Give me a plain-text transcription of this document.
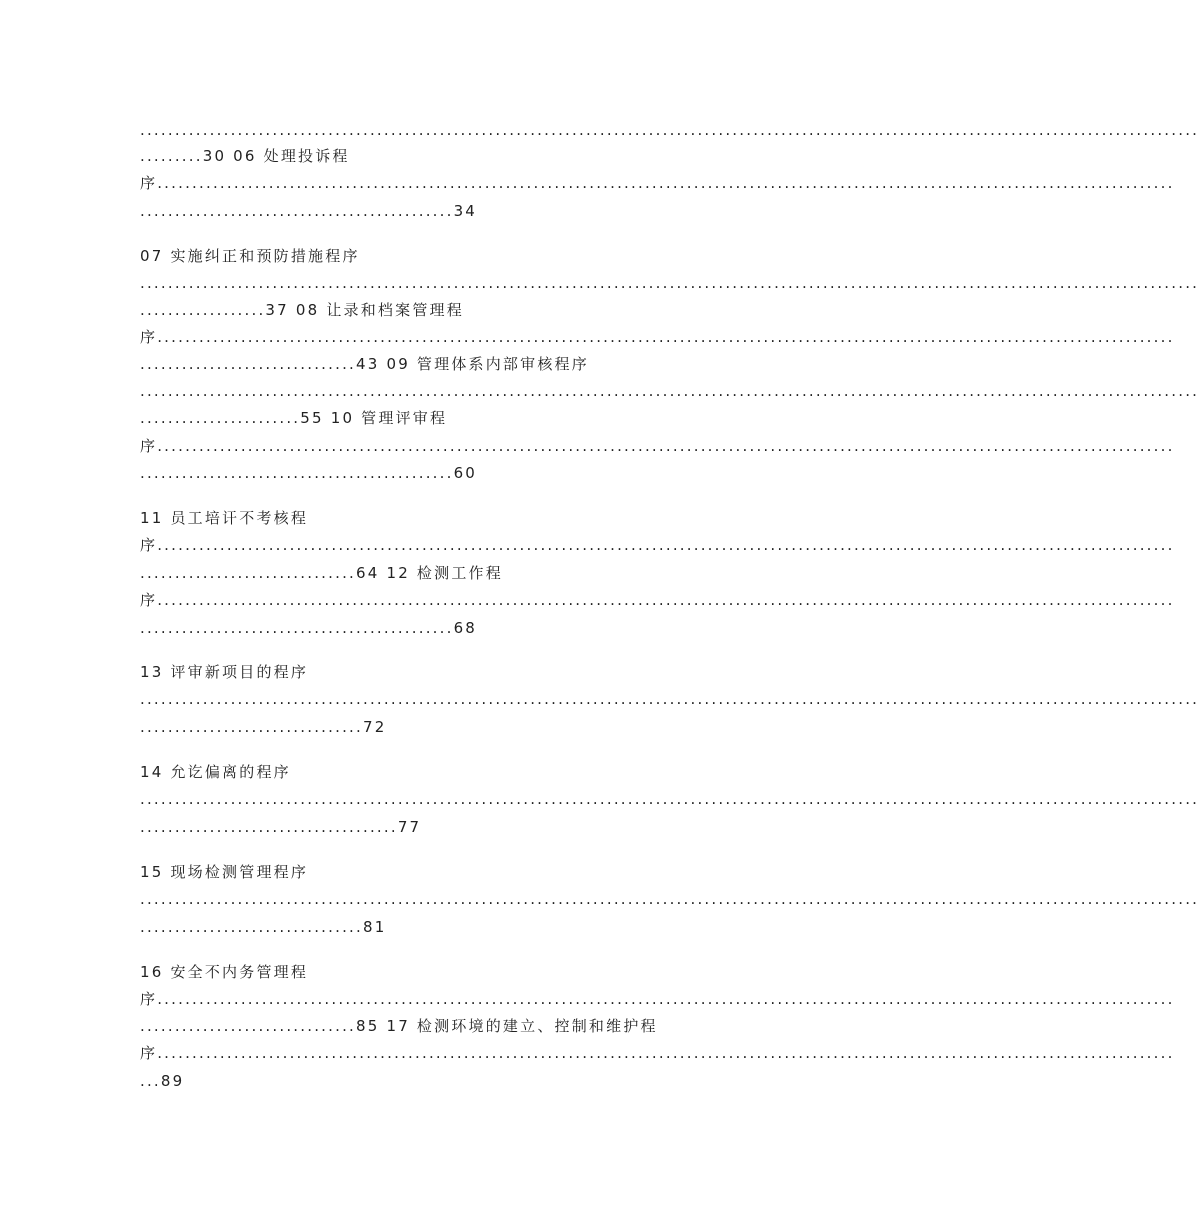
........................................................................................................................................................
.........30 06 处理投诉程
序..................................................................................................................................................
.............................................34
07 实施纠正和预防措施程序
........................................................................................................................................................
..................37 08 让录和档案管理程
序..................................................................................................................................................
...............................43 09 管理体系内部审核程序
........................................................................................................................................................
.......................55 10 管理评审程
序..................................................................................................................................................
.............................................60
11 员工培讦不考核程
序..................................................................................................................................................
...............................64 12 检测工作程
序..................................................................................................................................................
.............................................68
13 评审新项目的程序
........................................................................................................................................................
................................72
14 允讫偏离的程序
........................................................................................................................................................
.....................................77
15 现场检测管理程序
........................................................................................................................................................
................................81
16 安全不内务管理程
序..................................................................................................................................................
...............................85 17 检测环境的建立、控制和维护程
序..................................................................................................................................................
...89
